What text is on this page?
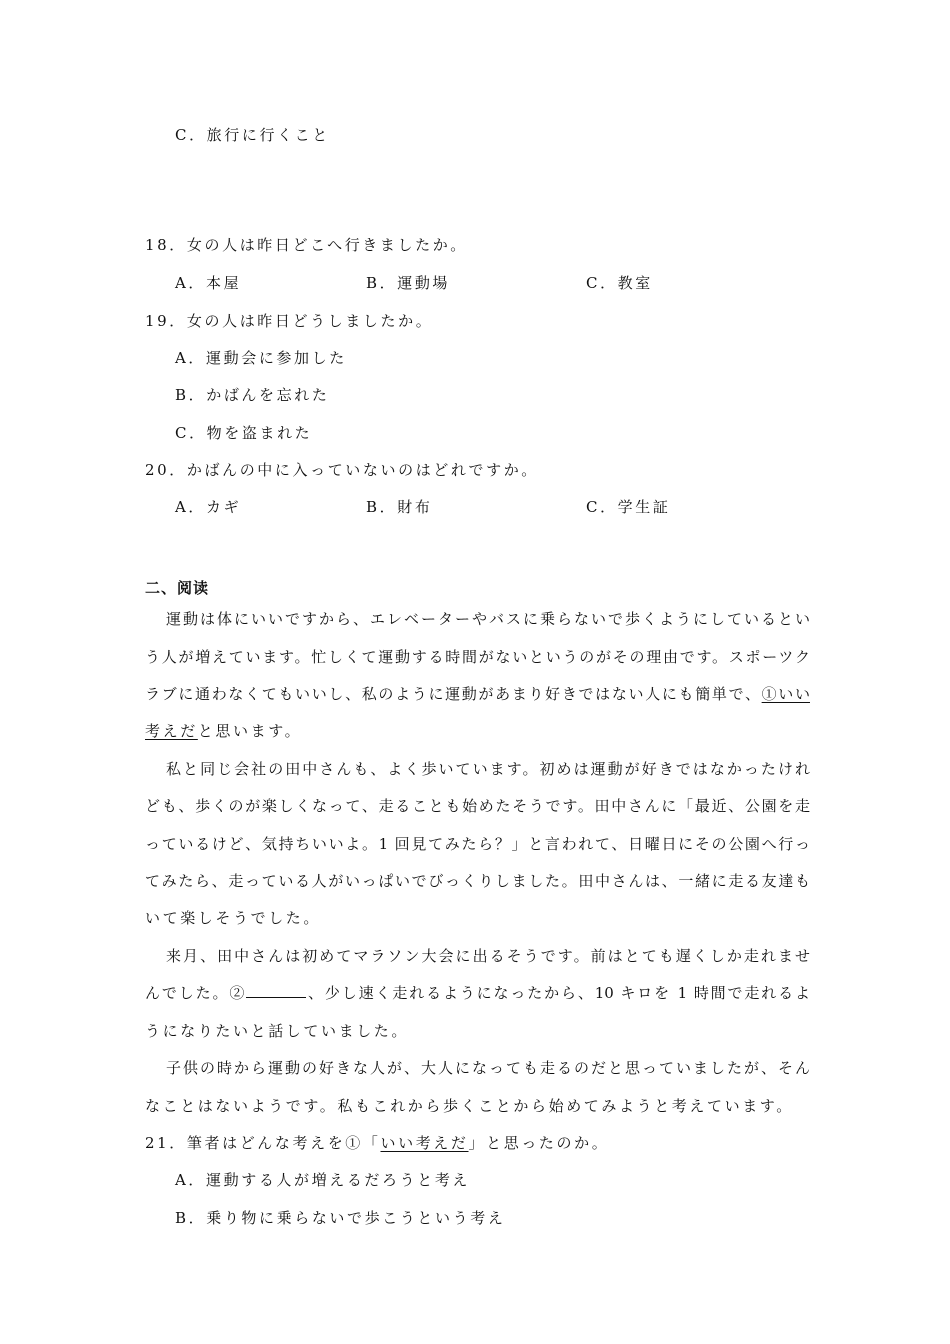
C．旅行に行くこと
18．女の人は昨日どこへ行きましたか。
A．本屋	B．運動場	C．教室
19．女の人は昨日どうしましたか。
A．運動会に参加した
B．かばんを忘れた
C．物を盗まれた
20．かばんの中に入っていないのはどれですか。
A．カギ	B．財布	C．学生証
二、阅读
運動は体にいいですから、エレベーターやバスに乗らないで歩くようにしているとい
う人が増えています。忙しくて運動する時間がないというのがその理由です。スポーツク
ラブに通わなくてもいいし、私のように運動があまり好きではない人にも簡単で、①いい
考えだと思います。
私と同じ会社の田中さんも、よく歩いています。初めは運動が好きではなかったけれ
ども、歩くのが楽しくなって、走ることも始めたそうです。田中さんに「最近、公園を走
っているけど、気持ちいいよ。1 回見てみたら？」と言われて、日曜日にその公園へ行っ
てみたら、走っている人がいっぱいでびっくりしました。田中さんは、一緒に走る友達も
いて楽しそうでした。
来月、田中さんは初めてマラソン大会に出るそうです。前はとても遅くしか走れませ
んでした。②	、少し速く走れるようになったから、10 キロを 1 時間で走れるよ
うになりたいと話していました。
子供の時から運動の好きな人が、大人になっても走るのだと思っていましたが、そん
なことはないようです。私もこれから歩くことから始めてみようと考えています。
21．筆者はどんな考えを①「いい考えだ」と思ったのか。
A．運動する人が増えるだろうと考え
B．乗り物に乗らないで歩こうという考え
